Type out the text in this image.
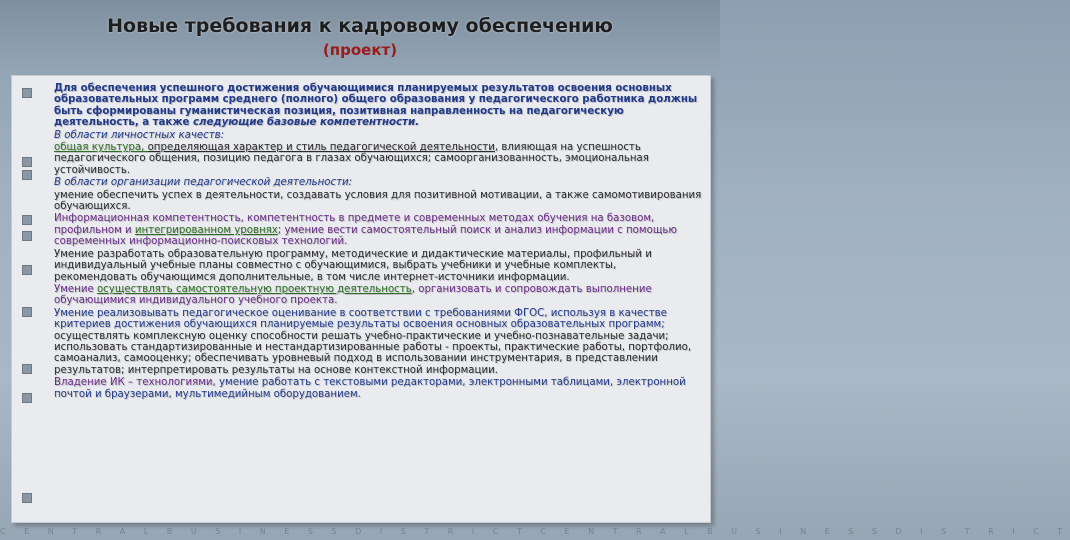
Новые требования к кадровому обеспечению
(проект)

Для обеспечения успешного достижения обучающимися планируемых результатов освоения основных образовательных программ среднего (полного) общего образования у педагогического работника должны быть сформированы гуманистическая позиция, позитивная направленность на педагогическую деятельность, а также следующие базовые компетентности.

В области личностных качеств:

общая культура, определяющая характер и стиль педагогической деятельности, влияющая на успешность педагогического общения, позицию педагога в глазах обучающихся; самоорганизованность, эмоциональная устойчивость.

В области организации педагогической деятельности:

умение обеспечить успех в деятельности, создавать условия для позитивной мотивации, а также самомотивирования обучающихся.

Информационная компетентность, компетентность в предмете и современных методах обучения на базовом, профильном и интегрированном уровнях; умение вести самостоятельный поиск и анализ информации с помощью современных информационно-поисковых технологий.

Умение разработать образовательную программу, методические и дидактические материалы, профильный и индивидуальный учебные планы совместно с обучающимися, выбрать учебники и учебные комплекты, рекомендовать обучающимся дополнительные, в том числе интернет-источники информации.

Умение осуществлять самостоятельную проектную деятельность, организовать и сопровождать выполнение обучающимися индивидуального учебного проекта.

Умение реализовывать педагогическое оценивание в соответствии с требованиями ФГОС, используя в качестве критериев достижения обучающихся планируемые результаты освоения основных образовательных программ; осуществлять комплексную оценку способности решать учебно-практические и учебно-познавательные задачи; использовать стандартизированные и нестандартизированные работы - проекты, практические работы, портфолио, самоанализ, самооценку; обеспечивать уровневый подход в использовании инструментария, в представлении результатов; интерпретировать результаты на основе контекстной информации.

Владение ИК – технологиями, умение работать с текстовыми редакторами, электронными таблицами, электронной почтой и браузерами, мультимедийным оборудованием.

C E N T R A L B U S I N E S S D I S T R I C T C E N T R A L B U S I N E S S D I S T R I C T
